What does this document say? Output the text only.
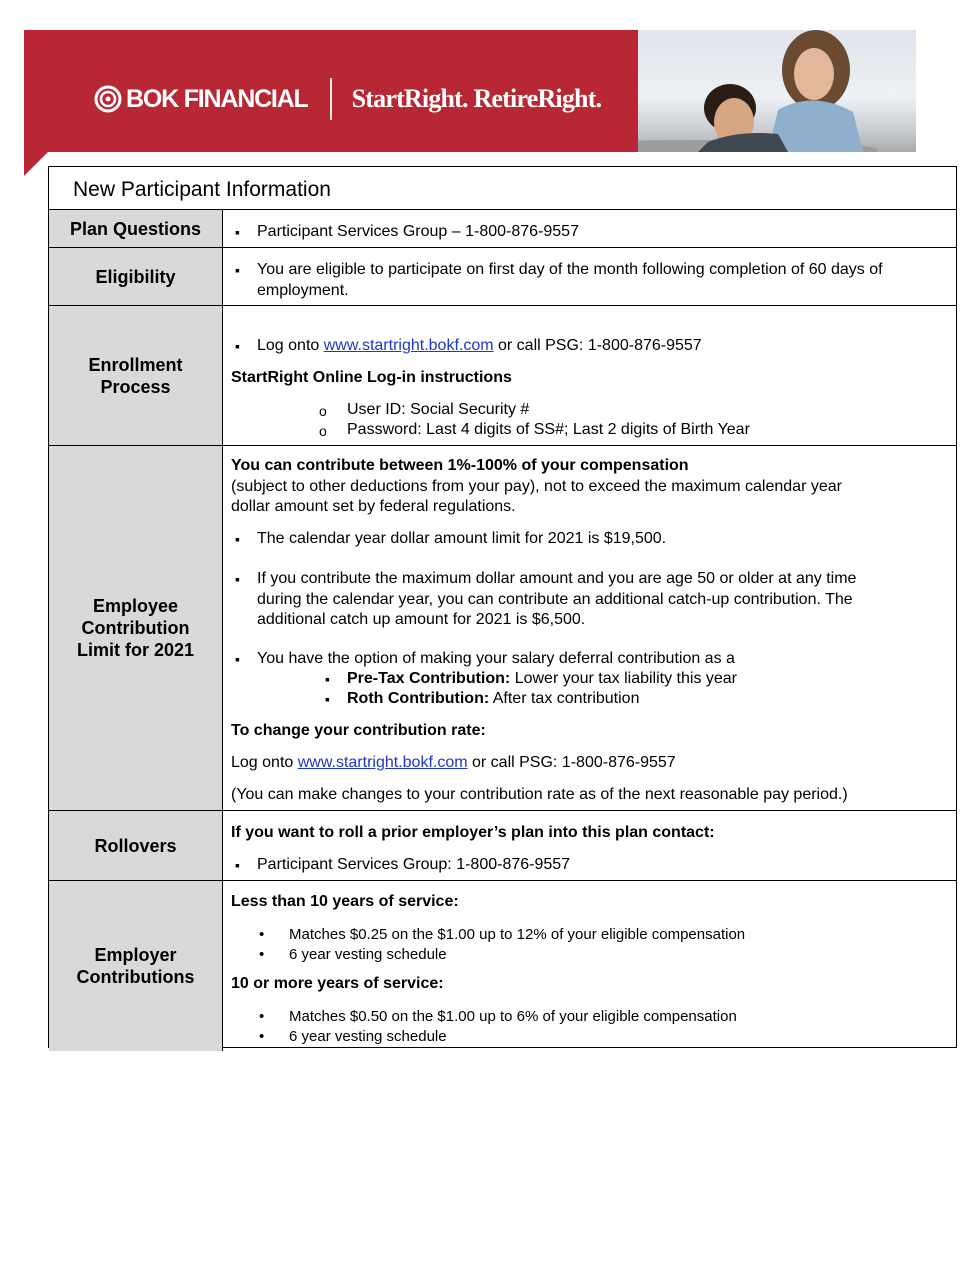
BOK FINANCIAL StartRight. RetireRight.
New Participant Information
Plan Questions	▪ Participant Services Group – 1-800-876-9557
Eligibility	▪ You are eligible to participate on first day of the month following completion of 60 days of
employment.
Enrollment
Process
▪ Log onto www.startright.bokf.com or call PSG: 1-800-876-9557
StartRight Online Log-in instructions
o User ID: Social Security #
o Password: Last 4 digits of SS#; Last 2 digits of Birth Year
Employee
Contribution
Limit for 2021
You can contribute between 1%-100% of your compensation
(subject to other deductions from your pay), not to exceed the maximum calendar year
dollar amount set by federal regulations.
▪ The calendar year dollar amount limit for 2021 is $19,500.
▪ If you contribute the maximum dollar amount and you are age 50 or older at any time
during the calendar year, you can contribute an additional catch-up contribution. The
additional catch up amount for 2021 is $6,500.
▪ You have the option of making your salary deferral contribution as a
▪ Pre-Tax Contribution: Lower your tax liability this year
▪ Roth Contribution: After tax contribution
To change your contribution rate:
Log onto www.startright.bokf.com or call PSG: 1-800-876-9557
(You can make changes to your contribution rate as of the next reasonable pay period.)
Rollovers
If you want to roll a prior employer’s plan into this plan contact:
▪ Participant Services Group: 1-800-876-9557
Employer
Contributions
Less than 10 years of service:
• Matches $0.25 on the $1.00 up to 12% of your eligible compensation
• 6 year vesting schedule
10 or more years of service:
• Matches $0.50 on the $1.00 up to 6% of your eligible compensation
• 6 year vesting schedule
